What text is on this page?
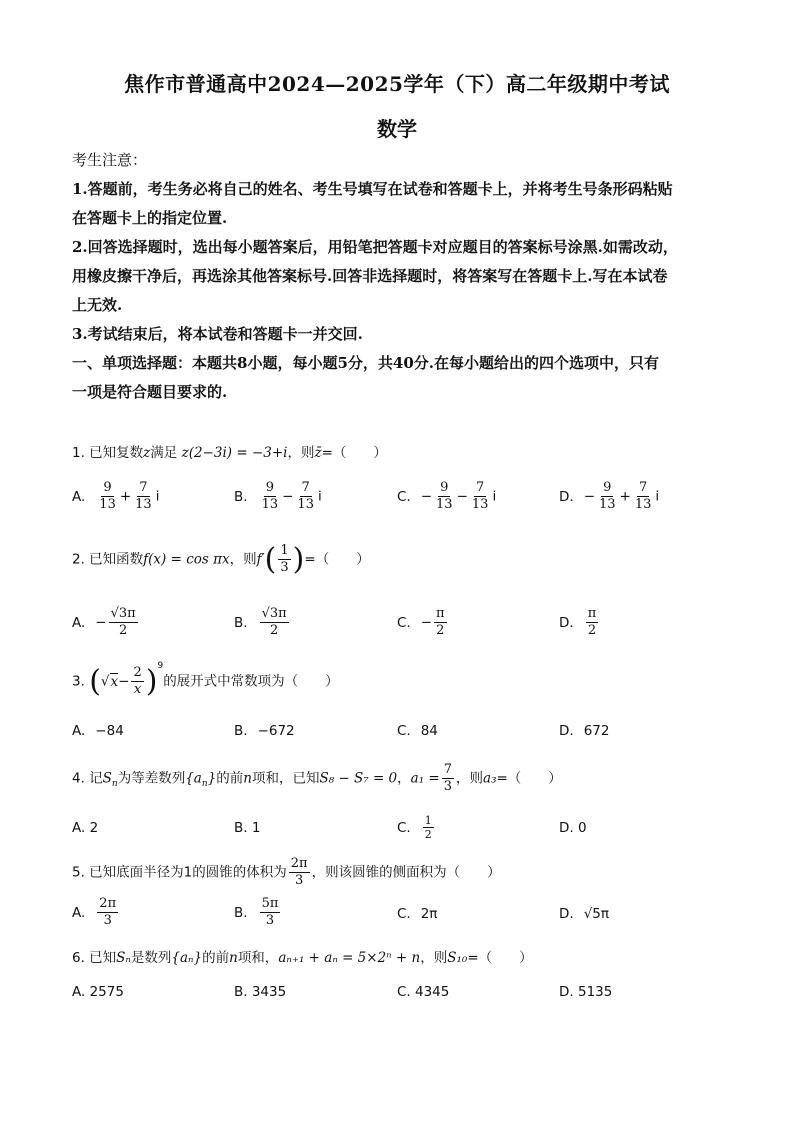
焦作市普通高中2024—2025学年（下）高二年级期中考试
数学

考生注意：

1.答题前，考生务必将自己的姓名、考生号填写在试卷和答题卡上，并将考生号条形码粘贴

在答题卡上的指定位置.

2.回答选择题时，选出每小题答案后，用铅笔把答题卡对应题目的答案标号涂黑.如需改动，

用橡皮擦干净后，再选涂其他答案标号.回答非选择题时，将答案写在答题卡上.写在本试卷

上无效.

3.考试结束后，将本试卷和答题卡一并交回.

一、单项选择题：本题共8小题，每小题5分，共40分.在每小题给出的四个选项中，只有

一项是符合题目要求的.

1. 已知复数z满足 z(2−3i) = −3+i，则z̄=（　　）
A. $\frac{9}{13} + \frac{7}{13}$ i	B. $\frac{9}{13} - \frac{7}{13}$ i	C. − $\frac{9}{13} - \frac{7}{13}$ i	D. − $\frac{9}{13} + \frac{7}{13}$ i
2. 已知函数f(x) = cos πx，则$f'( \frac{1}{3}$ )=（　　）
A. − $\frac{√3\pi}{2}$	B. $\frac{√3\pi}{2}$	C. − $\frac{\pi}{2}$	D. $\frac{\pi}{2}$
3. $(√x- \frac{2}{x} )^9$的展开式中常数项为（　　）
A. −84	B. −672	C. 84	D. 672
4. 记$S_n$为等差数列$\{a_n\}$的前n项和，已知S₈ − S₇ = 0，$a_1 = \frac{7}{3}$ ，则a₃=（　　）
A. 2	B. 1	C. $\frac{1}{2}$	D. 0
5. 已知底面半径为1的圆锥的体积为 $\frac{2\pi}{3}$ ，则该圆锥的侧面积为（　　）
A. $\frac{2\pi}{3}$	B. $\frac{5\pi}{3}$	C. 2π	D. √5π
6. 已知Sₙ是数列{aₙ}的前n项和，aₙ₊₁ + aₙ = 5×2ⁿ + n，则S₁₀=（　　）
A. 2575	B. 3435	C. 4345	D. 5135
